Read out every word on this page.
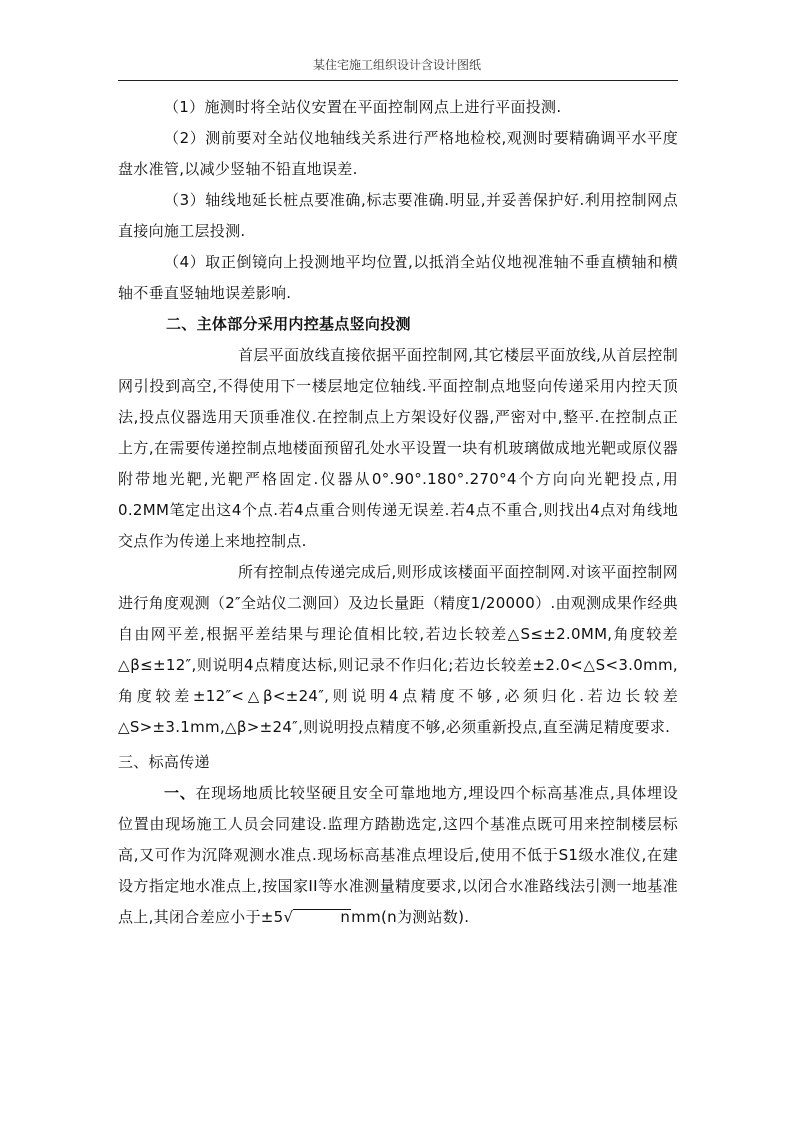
某住宅施工组织设计含设计图纸

（1）施测时将全站仪安置在平面控制网点上进行平面投测.

（2）测前要对全站仪地轴线关系进行严格地检校,观测时要精确调平水平度盘水准管,以减少竖轴不铅直地误差.

（3）轴线地延长桩点要准确,标志要准确.明显,并妥善保护好.利用控制网点直接向施工层投测.

（4）取正倒镜向上投测地平均位置,以抵消全站仪地视准轴不垂直横轴和横轴不垂直竖轴地误差影响.

二、主体部分采用内控基点竖向投测

首层平面放线直接依据平面控制网,其它楼层平面放线,从首层控制网引投到高空,不得使用下一楼层地定位轴线.平面控制点地竖向传递采用内控天顶法,投点仪器选用天顶垂准仪.在控制点上方架设好仪器,严密对中,整平.在控制点正上方,在需要传递控制点地楼面预留孔处水平设置一块有机玻璃做成地光靶或原仪器附带地光靶,光靶严格固定.仪器从0°.90°.180°.270°4个方向向光靶投点,用0.2MM笔定出这4个点.若4点重合则传递无误差.若4点不重合,则找出4点对角线地交点作为传递上来地控制点.

所有控制点传递完成后,则形成该楼面平面控制网.对该平面控制网进行角度观测（2″全站仪二测回）及边长量距（精度1/20000）.由观测成果作经典自由网平差,根据平差结果与理论值相比较,若边长较差△S≤±2.0MM,角度较差△β≤±12″,则说明4点精度达标,则记录不作归化;若边长较差±2.0<△S<3.0mm,角度较差±12″<△β<±24″,则说明4点精度不够,必须归化.若边长较差△S>±3.1mm,△β>±24″,则说明投点精度不够,必须重新投点,直至满足精度要求.

三、标高传递

一、在现场地质比较坚硬且安全可靠地地方,埋设四个标高基准点,具体埋设位置由现场施工人员会同建设.监理方踏勘选定,这四个基准点既可用来控制楼层标高,又可作为沉降观测水准点.现场标高基准点埋设后,使用不低于S1级水准仪,在建设方指定地水准点上,按国家II等水准测量精度要求,以闭合水准路线法引测一地基准点上,其闭合差应小于±5√	nmm(n为测站数).
